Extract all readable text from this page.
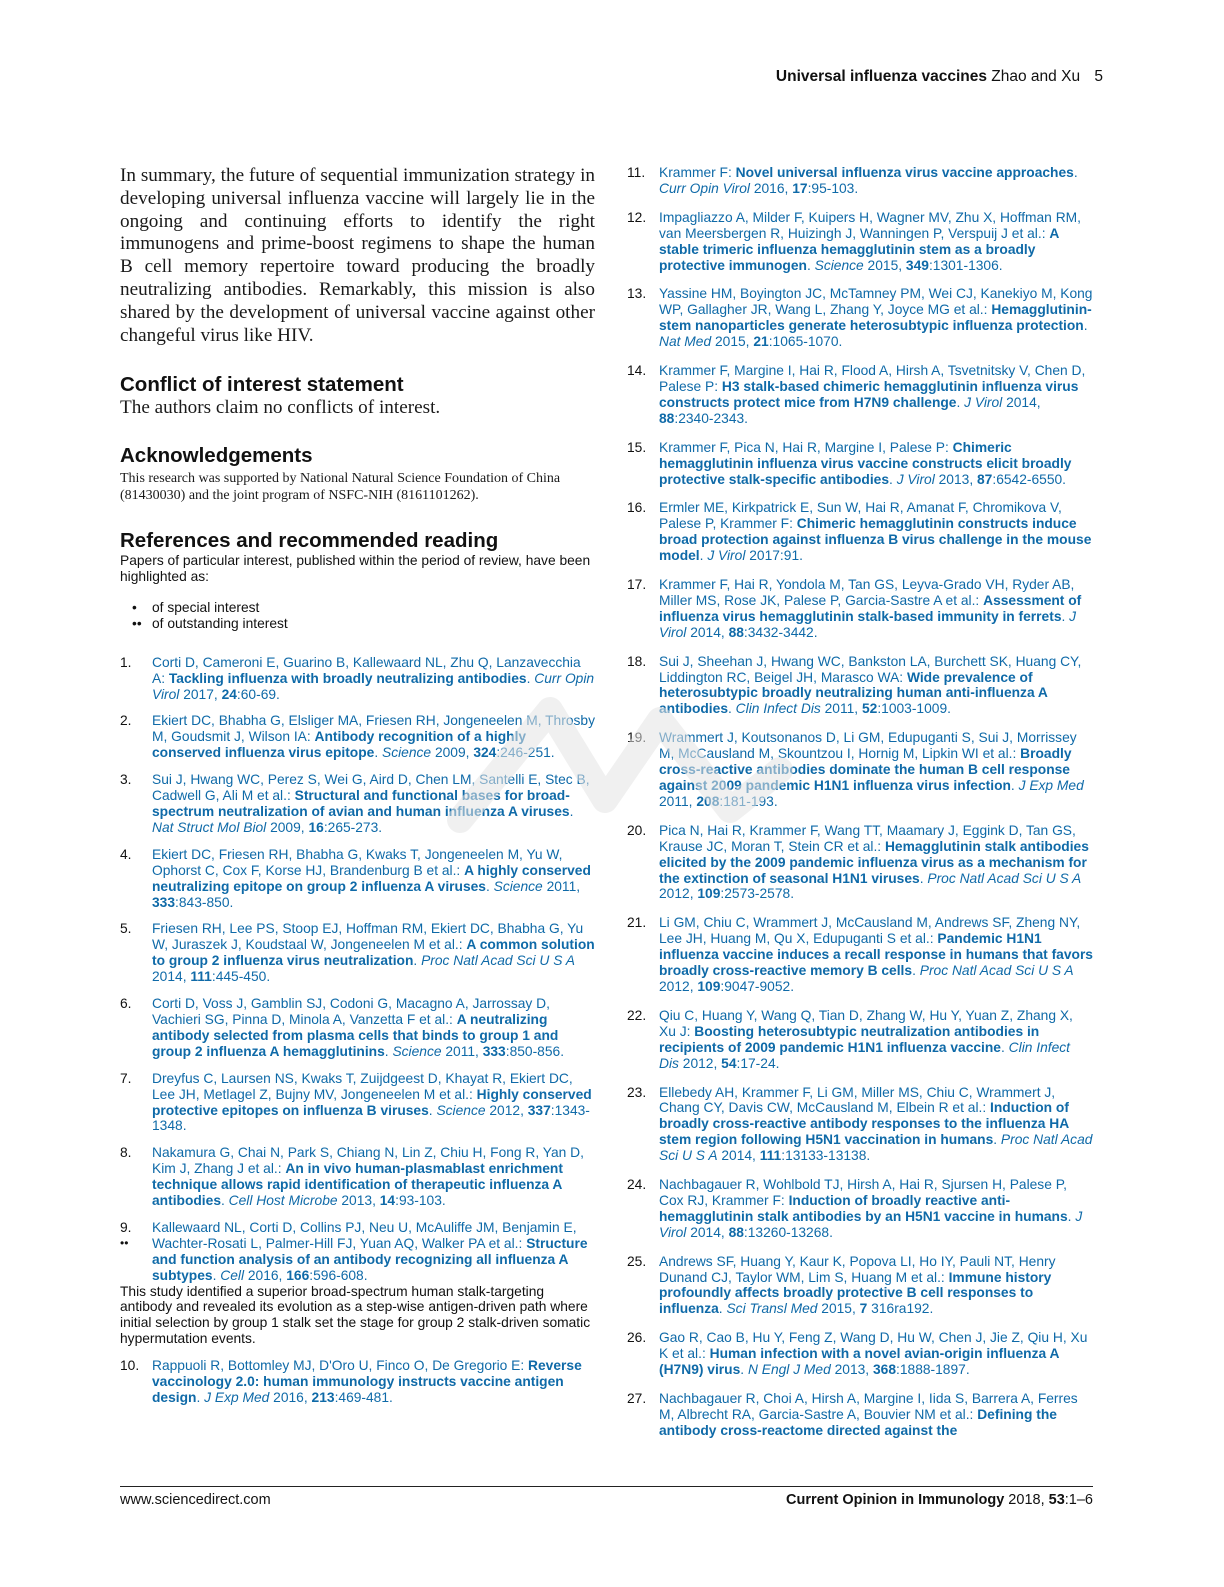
Universal influenza vaccines Zhao and Xu 5
In summary, the future of sequential immunization strategy in developing universal influenza vaccine will largely lie in the ongoing and continuing efforts to identify the right immunogens and prime-boost regimens to shape the human B cell memory repertoire toward producing the broadly neutralizing antibodies. Remarkably, this mission is also shared by the development of universal vaccine against other changeful virus like HIV.
Conflict of interest statement
The authors claim no conflicts of interest.
Acknowledgements
This research was supported by National Natural Science Foundation of China (81430030) and the joint program of NSFC-NIH (8161101262).
References and recommended reading
Papers of particular interest, published within the period of review, have been highlighted as:
• of special interest
•• of outstanding interest
1. Corti D, Cameroni E, Guarino B, Kallewaard NL, Zhu Q, Lanzavecchia A: Tackling influenza with broadly neutralizing antibodies. Curr Opin Virol 2017, 24:60-69.
2. Ekiert DC, Bhabha G, Elsliger MA, Friesen RH, Jongeneelen M, Throsby M, Goudsmit J, Wilson IA: Antibody recognition of a highly conserved influenza virus epitope. Science 2009, 324:246-251.
3. Sui J, Hwang WC, Perez S, Wei G, Aird D, Chen LM, Santelli E, Stec B, Cadwell G, Ali M et al.: Structural and functional bases for broad-spectrum neutralization of avian and human influenza A viruses. Nat Struct Mol Biol 2009, 16:265-273.
4. Ekiert DC, Friesen RH, Bhabha G, Kwaks T, Jongeneelen M, Yu W, Ophorst C, Cox F, Korse HJ, Brandenburg B et al.: A highly conserved neutralizing epitope on group 2 influenza A viruses. Science 2011, 333:843-850.
5. Friesen RH, Lee PS, Stoop EJ, Hoffman RM, Ekiert DC, Bhabha G, Yu W, Juraszek J, Koudstaal W, Jongeneelen M et al.: A common solution to group 2 influenza virus neutralization. Proc Natl Acad Sci U S A 2014, 111:445-450.
6. Corti D, Voss J, Gamblin SJ, Codoni G, Macagno A, Jarrossay D, Vachieri SG, Pinna D, Minola A, Vanzetta F et al.: A neutralizing antibody selected from plasma cells that binds to group 1 and group 2 influenza A hemagglutinins. Science 2011, 333:850-856.
7. Dreyfus C, Laursen NS, Kwaks T, Zuijdgeest D, Khayat R, Ekiert DC, Lee JH, Metlagel Z, Bujny MV, Jongeneelen M et al.: Highly conserved protective epitopes on influenza B viruses. Science 2012, 337:1343-1348.
8. Nakamura G, Chai N, Park S, Chiang N, Lin Z, Chiu H, Fong R, Yan D, Kim J, Zhang J et al.: An in vivo human-plasmablast enrichment technique allows rapid identification of therapeutic influenza A antibodies. Cell Host Microbe 2013, 14:93-103.
9. Kallewaard NL, Corti D, Collins PJ, Neu U, McAuliffe JM, Benjamin E, Wachter-Rosati L, Palmer-Hill FJ, Yuan AQ, Walker PA et al.: Structure and function analysis of an antibody recognizing all influenza A subtypes. Cell 2016, 166:596-608.
••
This study identified a superior broad-spectrum human stalk-targeting antibody and revealed its evolution as a step-wise antigen-driven path where initial selection by group 1 stalk set the stage for group 2 stalk-driven somatic hypermutation events.
10. Rappuoli R, Bottomley MJ, D'Oro U, Finco O, De Gregorio E: Reverse vaccinology 2.0: human immunology instructs vaccine antigen design. J Exp Med 2016, 213:469-481.
11. Krammer F: Novel universal influenza virus vaccine approaches. Curr Opin Virol 2016, 17:95-103.
12. Impagliazzo A, Milder F, Kuipers H, Wagner MV, Zhu X, Hoffman RM, van Meersbergen R, Huizingh J, Wanningen P, Verspuij J et al.: A stable trimeric influenza hemagglutinin stem as a broadly protective immunogen. Science 2015, 349:1301-1306.
13. Yassine HM, Boyington JC, McTamney PM, Wei CJ, Kanekiyo M, Kong WP, Gallagher JR, Wang L, Zhang Y, Joyce MG et al.: Hemagglutinin-stem nanoparticles generate heterosubtypic influenza protection. Nat Med 2015, 21:1065-1070.
14. Krammer F, Margine I, Hai R, Flood A, Hirsh A, Tsvetnitsky V, Chen D, Palese P: H3 stalk-based chimeric hemagglutinin influenza virus constructs protect mice from H7N9 challenge. J Virol 2014, 88:2340-2343.
15. Krammer F, Pica N, Hai R, Margine I, Palese P: Chimeric hemagglutinin influenza virus vaccine constructs elicit broadly protective stalk-specific antibodies. J Virol 2013, 87:6542-6550.
16. Ermler ME, Kirkpatrick E, Sun W, Hai R, Amanat F, Chromikova V, Palese P, Krammer F: Chimeric hemagglutinin constructs induce broad protection against influenza B virus challenge in the mouse model. J Virol 2017:91.
17. Krammer F, Hai R, Yondola M, Tan GS, Leyva-Grado VH, Ryder AB, Miller MS, Rose JK, Palese P, Garcia-Sastre A et al.: Assessment of influenza virus hemagglutinin stalk-based immunity in ferrets. J Virol 2014, 88:3432-3442.
18. Sui J, Sheehan J, Hwang WC, Bankston LA, Burchett SK, Huang CY, Liddington RC, Beigel JH, Marasco WA: Wide prevalence of heterosubtypic broadly neutralizing human anti-influenza A antibodies. Clin Infect Dis 2011, 52:1003-1009.
19. Wrammert J, Koutsonanos D, Li GM, Edupuganti S, Sui J, Morrissey M, McCausland M, Skountzou I, Hornig M, Lipkin WI et al.: Broadly cross-reactive antibodies dominate the human B cell response against 2009 pandemic H1N1 influenza virus infection. J Exp Med 2011, 208:181-193.
20. Pica N, Hai R, Krammer F, Wang TT, Maamary J, Eggink D, Tan GS, Krause JC, Moran T, Stein CR et al.: Hemagglutinin stalk antibodies elicited by the 2009 pandemic influenza virus as a mechanism for the extinction of seasonal H1N1 viruses. Proc Natl Acad Sci U S A 2012, 109:2573-2578.
21. Li GM, Chiu C, Wrammert J, McCausland M, Andrews SF, Zheng NY, Lee JH, Huang M, Qu X, Edupuganti S et al.: Pandemic H1N1 influenza vaccine induces a recall response in humans that favors broadly cross-reactive memory B cells. Proc Natl Acad Sci U S A 2012, 109:9047-9052.
22. Qiu C, Huang Y, Wang Q, Tian D, Zhang W, Hu Y, Yuan Z, Zhang X, Xu J: Boosting heterosubtypic neutralization antibodies in recipients of 2009 pandemic H1N1 influenza vaccine. Clin Infect Dis 2012, 54:17-24.
23. Ellebedy AH, Krammer F, Li GM, Miller MS, Chiu C, Wrammert J, Chang CY, Davis CW, McCausland M, Elbein R et al.: Induction of broadly cross-reactive antibody responses to the influenza HA stem region following H5N1 vaccination in humans. Proc Natl Acad Sci U S A 2014, 111:13133-13138.
24. Nachbagauer R, Wohlbold TJ, Hirsh A, Hai R, Sjursen H, Palese P, Cox RJ, Krammer F: Induction of broadly reactive anti-hemagglutinin stalk antibodies by an H5N1 vaccine in humans. J Virol 2014, 88:13260-13268.
25. Andrews SF, Huang Y, Kaur K, Popova LI, Ho IY, Pauli NT, Henry Dunand CJ, Taylor WM, Lim S, Huang M et al.: Immune history profoundly affects broadly protective B cell responses to influenza. Sci Transl Med 2015, 7 316ra192.
26. Gao R, Cao B, Hu Y, Feng Z, Wang D, Hu W, Chen J, Jie Z, Qiu H, Xu K et al.: Human infection with a novel avian-origin influenza A (H7N9) virus. N Engl J Med 2013, 368:1888-1897.
27. Nachbagauer R, Choi A, Hirsh A, Margine I, Iida S, Barrera A, Ferres M, Albrecht RA, Garcia-Sastre A, Bouvier NM et al.: Defining the antibody cross-reactome directed against the
www.sciencedirect.com	Current Opinion in Immunology 2018, 53:1–6
